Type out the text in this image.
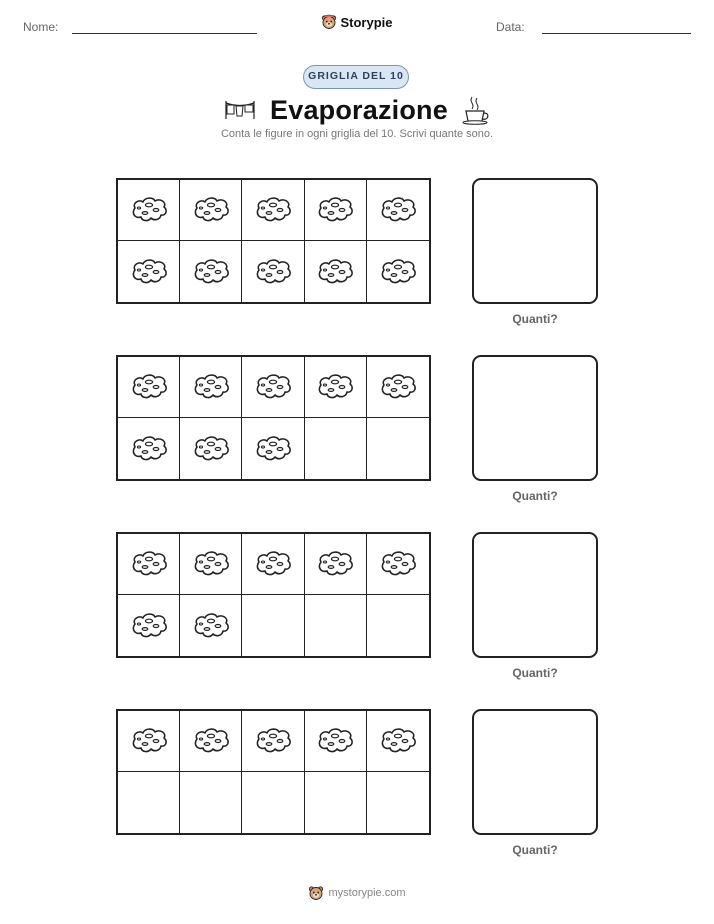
Nome:	Data:
Storypie
GRIGLIA DEL 10
Evaporazione
Conta le figure in ogni griglia del 10. Scrivi quante sono.
Quanti?
Quanti?
Quanti?
Quanti?
mystorypie.com
